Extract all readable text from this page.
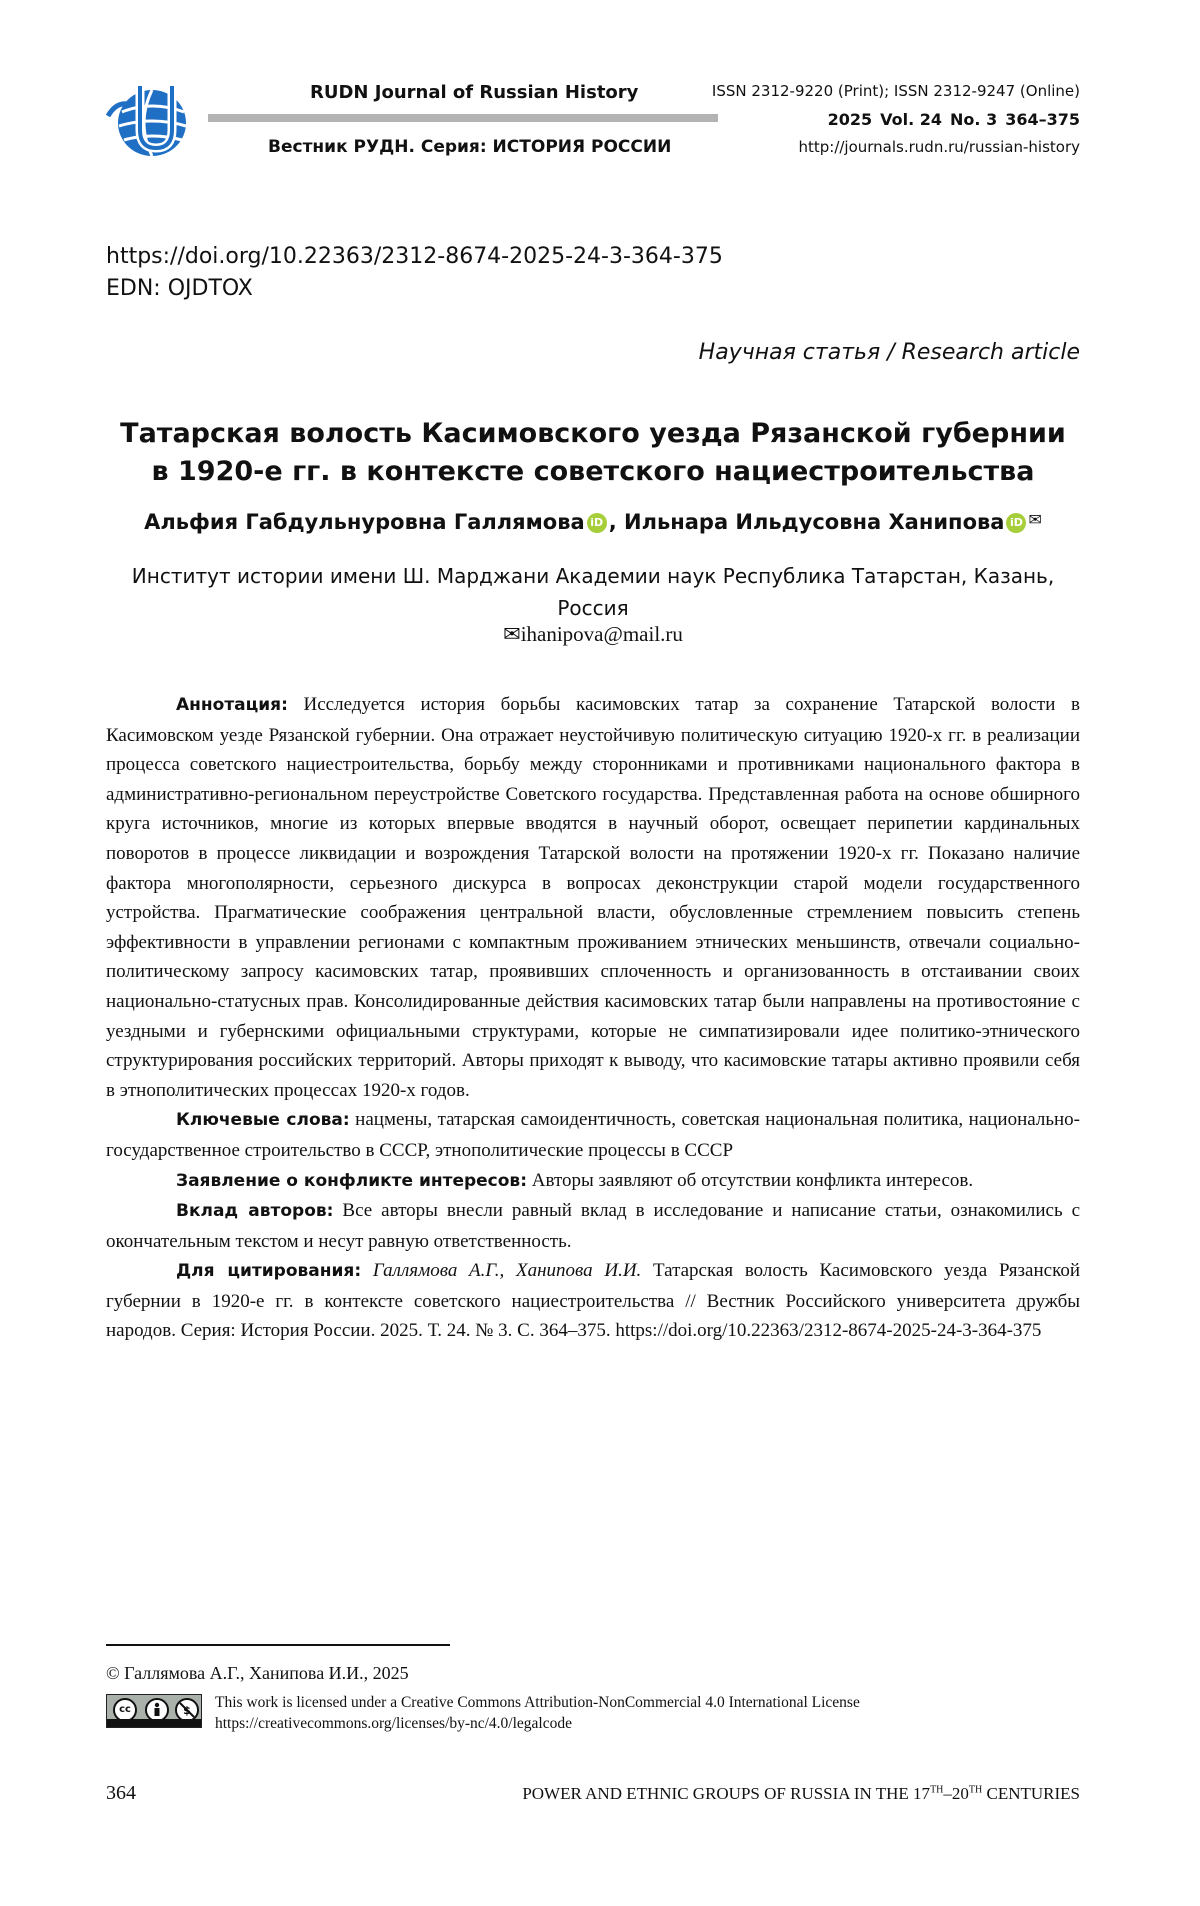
RUDN Journal of Russian History
Вестник РУДН. Серия: ИСТОРИЯ РОССИИ
ISSN 2312-9220 (Print); ISSN 2312-9247 (Online)
2025 Vol. 24 No. 3 364–375
http://journals.rudn.ru/russian-history
https://doi.org/10.22363/2312-8674-2025-24-3-364-375
EDN: OJDTOX
Научная статья / Research article
Татарская волость Касимовского уезда Рязанской губернии
в 1920-е гг. в контексте советского нациестроительства
Альфия Габдульнуровна Галлямова iD , Ильнара Ильдусовна Ханипова iD ✉
Институт истории имени Ш. Марджани Академии наук Республика Татарстан, Казань, Россия
✉ihanipova@mail.ru

Аннотация: Исследуется история борьбы касимовских татар за сохранение Татарской волости в Касимовском уезде Рязанской губернии. Она отражает неустойчивую политическую ситуацию 1920-х гг. в реализации процесса советского нациестроительства, борьбу между сторонниками и противниками национального фактора в административно-региональном переустройстве Советского государства. Представленная работа на основе обширного круга источников, многие из которых впервые вводятся в научный оборот, освещает перипетии кардинальных поворотов в процессе ликвидации и возрождения Татарской волости на протяжении 1920-х гг. Показано наличие фактора многополярности, серьезного дискурса в вопросах деконструкции старой модели государственного устройства. Прагматические соображения центральной власти, обусловленные стремлением повысить степень эффективности в управлении регионами с компактным проживанием этнических меньшинств, отвечали социально-политическому запросу касимовских татар, проявивших сплоченность и организованность в отстаивании своих национально-статусных прав. Консолидированные действия касимовских татар были направлены на противостояние с уездными и губернскими официальными структурами, которые не симпатизировали идее политико-этнического структурирования российских территорий. Авторы приходят к выводу, что касимовские татары активно проявили себя в этнополитических процессах 1920-х годов.

Ключевые слова: нацмены, татарская самоидентичность, советская национальная политика, национально-государственное строительство в СССР, этнополитические процессы в СССР

Заявление о конфликте интересов: Авторы заявляют об отсутствии конфликта интересов.

Вклад авторов: Все авторы внесли равный вклад в исследование и написание статьи, ознакомились с окончательным текстом и несут равную ответственность.

Для цитирования: Галлямова А.Г., Ханипова И.И. Татарская волость Касимовского уезда Рязанской губернии в 1920-е гг. в контексте советского нациестроительства // Вестник Российского университета дружбы народов. Серия: История России. 2025. Т. 24. № 3. С. 364–375. https://doi.org/10.22363/2312-8674-2025-24-3-364-375

© Галлямова А.Г., Ханипова И.И., 2025
cc	This work is licensed under a Creative Commons Attribution-NonCommercial 4.0 International License
https://creativecommons.org/licenses/by-nc/4.0/legalcode
364	POWER AND ETHNIC GROUPS OF RUSSIA IN THE 17TH–20TH CENTURIES
